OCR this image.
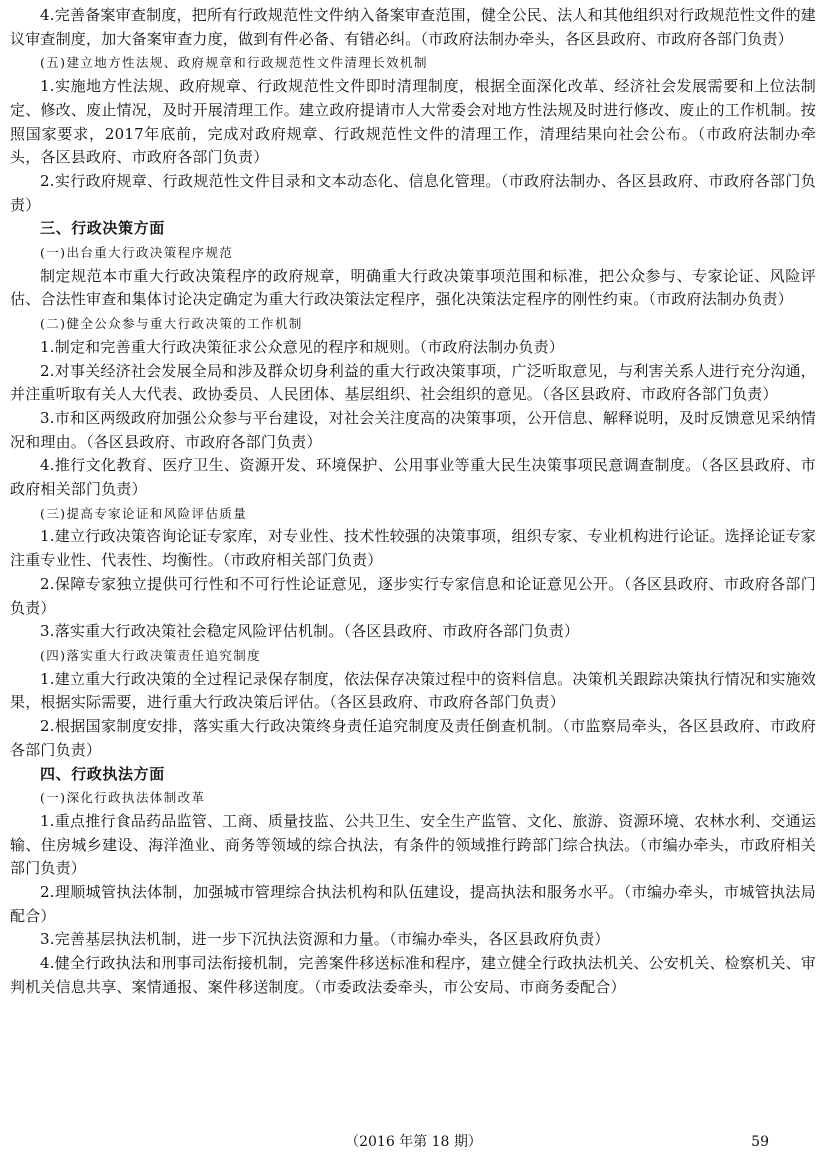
4.完善备案审查制度，把所有行政规范性文件纳入备案审查范围，健全公民、法人和其他组织对行政规范性文件的建议审查制度，加大备案审查力度，做到有件必备、有错必纠。（市政府法制办牵头，各区县政府、市政府各部门负责）

(五)建立地方性法规、政府规章和行政规范性文件清理长效机制

1.实施地方性法规、政府规章、行政规范性文件即时清理制度，根据全面深化改革、经济社会发展需要和上位法制定、修改、废止情况，及时开展清理工作。建立政府提请市人大常委会对地方性法规及时进行修改、废止的工作机制。按照国家要求，2017年底前，完成对政府规章、行政规范性文件的清理工作，清理结果向社会公布。（市政府法制办牵头，各区县政府、市政府各部门负责）

2.实行政府规章、行政规范性文件目录和文本动态化、信息化管理。（市政府法制办、各区县政府、市政府各部门负责）

三、行政决策方面

(一)出台重大行政决策程序规范

制定规范本市重大行政决策程序的政府规章，明确重大行政决策事项范围和标准，把公众参与、专家论证、风险评估、合法性审查和集体讨论决定确定为重大行政决策法定程序，强化决策法定程序的刚性约束。（市政府法制办负责）

(二)健全公众参与重大行政决策的工作机制

1.制定和完善重大行政决策征求公众意见的程序和规则。（市政府法制办负责）

2.对事关经济社会发展全局和涉及群众切身利益的重大行政决策事项，广泛听取意见，与利害关系人进行充分沟通，并注重听取有关人大代表、政协委员、人民团体、基层组织、社会组织的意见。（各区县政府、市政府各部门负责）

3.市和区两级政府加强公众参与平台建设，对社会关注度高的决策事项，公开信息、解释说明，及时反馈意见采纳情况和理由。（各区县政府、市政府各部门负责）

4.推行文化教育、医疗卫生、资源开发、环境保护、公用事业等重大民生决策事项民意调查制度。（各区县政府、市政府相关部门负责）

(三)提高专家论证和风险评估质量

1.建立行政决策咨询论证专家库，对专业性、技术性较强的决策事项，组织专家、专业机构进行论证。选择论证专家注重专业性、代表性、均衡性。（市政府相关部门负责）

2.保障专家独立提供可行性和不可行性论证意见，逐步实行专家信息和论证意见公开。（各区县政府、市政府各部门负责）

3.落实重大行政决策社会稳定风险评估机制。（各区县政府、市政府各部门负责）

(四)落实重大行政决策责任追究制度

1.建立重大行政决策的全过程记录保存制度，依法保存决策过程中的资料信息。决策机关跟踪决策执行情况和实施效果，根据实际需要，进行重大行政决策后评估。（各区县政府、市政府各部门负责）

2.根据国家制度安排，落实重大行政决策终身责任追究制度及责任倒查机制。（市监察局牵头，各区县政府、市政府各部门负责）

四、行政执法方面

(一)深化行政执法体制改革

1.重点推行食品药品监管、工商、质量技监、公共卫生、安全生产监管、文化、旅游、资源环境、农林水利、交通运输、住房城乡建设、海洋渔业、商务等领域的综合执法，有条件的领域推行跨部门综合执法。（市编办牵头，市政府相关部门负责）

2.理顺城管执法体制，加强城市管理综合执法机构和队伍建设，提高执法和服务水平。（市编办牵头，市城管执法局配合）

3.完善基层执法机制，进一步下沉执法资源和力量。（市编办牵头，各区县政府负责）

4.健全行政执法和刑事司法衔接机制，完善案件移送标准和程序，建立健全行政执法机关、公安机关、检察机关、审判机关信息共享、案情通报、案件移送制度。（市委政法委牵头，市公安局、市商务委配合）

（2016 年第 18 期）	59
